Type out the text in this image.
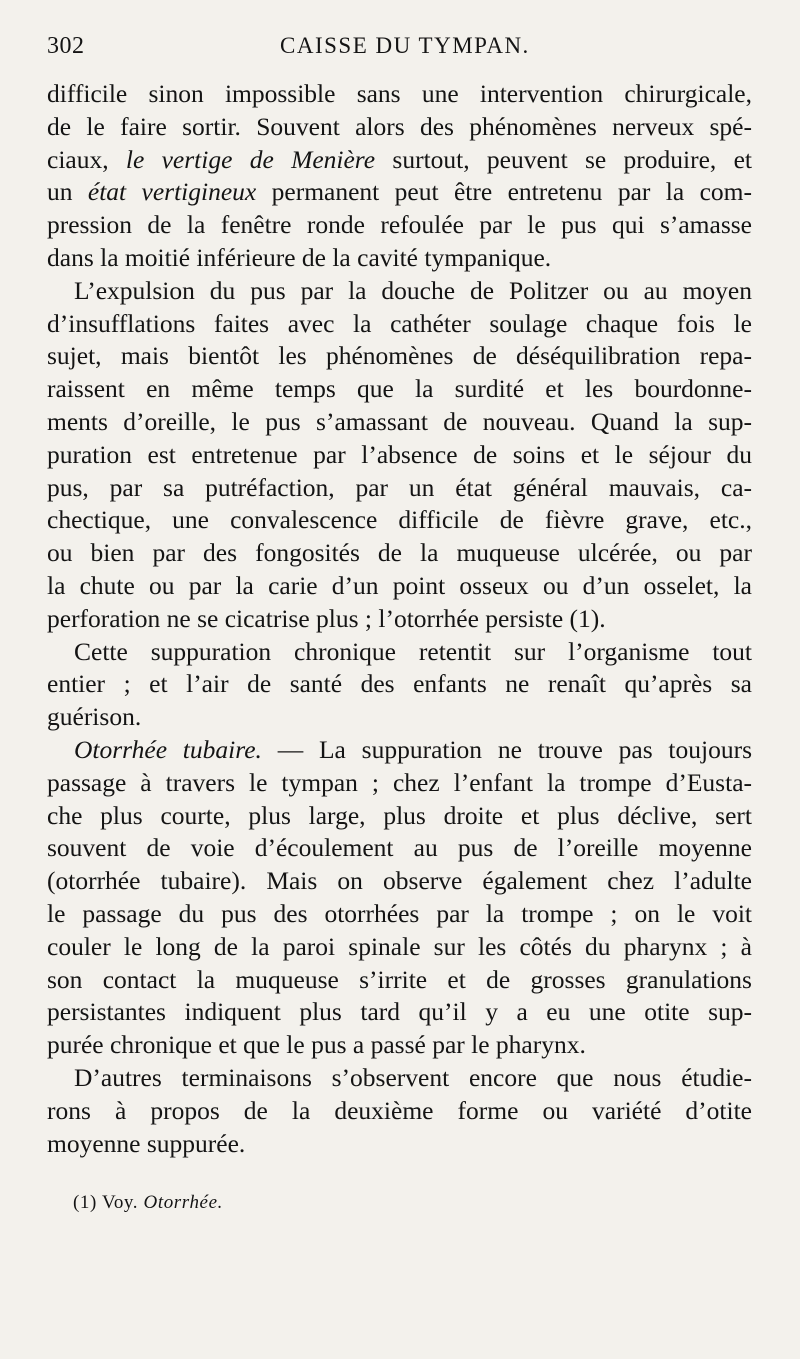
302	CAISSE DU TYMPAN.
difficile sinon impossible sans une intervention chirurgicale,
de le faire sortir. Souvent alors des phénomènes nerveux spé-
ciaux, le vertige de Menière surtout, peuvent se produire, et
un état vertigineux permanent peut être entretenu par la com-
pression de la fenêtre ronde refoulée par le pus qui s’amasse
dans la moitié inférieure de la cavité tympanique.
L’expulsion du pus par la douche de Politzer ou au moyen
d’insufflations faites avec la cathéter soulage chaque fois le
sujet, mais bientôt les phénomènes de déséquilibration repa-
raissent en même temps que la surdité et les bourdonne-
ments d’oreille, le pus s’amassant de nouveau. Quand la sup-
puration est entretenue par l’absence de soins et le séjour du
pus, par sa putréfaction, par un état général mauvais, ca-
chectique, une convalescence difficile de fièvre grave, etc.,
ou bien par des fongosités de la muqueuse ulcérée, ou par
la chute ou par la carie d’un point osseux ou d’un osselet, la
perforation ne se cicatrise plus ; l’otorrhée persiste (1).
Cette suppuration chronique retentit sur l’organisme tout
entier ; et l’air de santé des enfants ne renaît qu’après sa
guérison.
Otorrhée tubaire. — La suppuration ne trouve pas toujours
passage à travers le tympan ; chez l’enfant la trompe d’Eusta-
che plus courte, plus large, plus droite et plus déclive, sert
souvent de voie d’écoulement au pus de l’oreille moyenne
(otorrhée tubaire). Mais on observe également chez l’adulte
le passage du pus des otorrhées par la trompe ; on le voit
couler le long de la paroi spinale sur les côtés du pharynx ; à
son contact la muqueuse s’irrite et de grosses granulations
persistantes indiquent plus tard qu’il y a eu une otite sup-
purée chronique et que le pus a passé par le pharynx.
D’autres terminaisons s’observent encore que nous étudie-
rons à propos de la deuxième forme ou variété d’otite
moyenne suppurée.
(1) Voy. Otorrhée.
